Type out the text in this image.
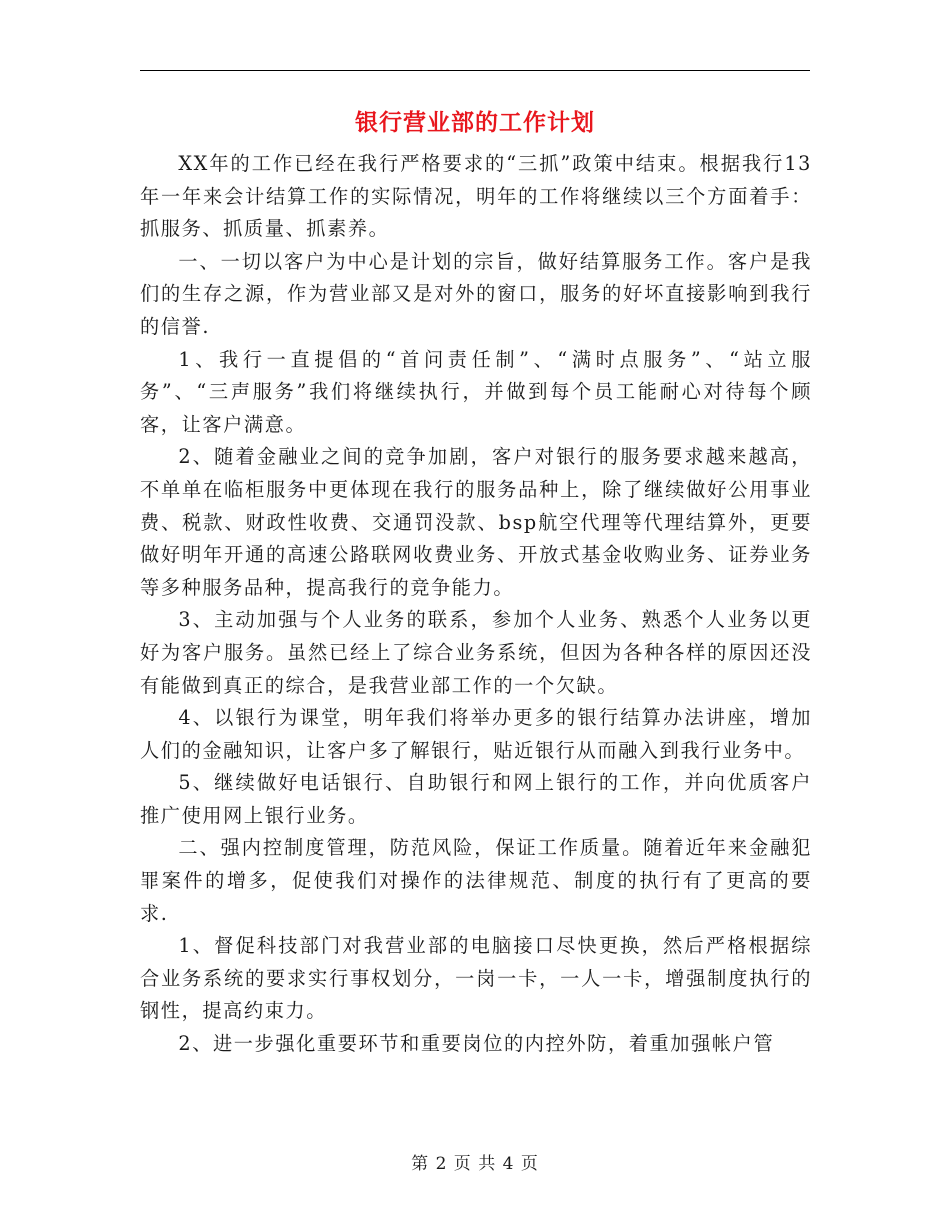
银行营业部的工作计划

XX年的工作已经在我行严格要求的“三抓”政策中结束。根据我行13年一年来会计结算工作的实际情况，明年的工作将继续以三个方面着手：抓服务、抓质量、抓素养。

一、一切以客户为中心是计划的宗旨，做好结算服务工作。客户是我们的生存之源，作为营业部又是对外的窗口，服务的好坏直接影响到我行的信誉.

1、我行一直提倡的“首问责任制”、“满时点服务”、“站立服务”、“三声服务”我们将继续执行，并做到每个员工能耐心对待每个顾客，让客户满意。

2、随着金融业之间的竞争加剧，客户对银行的服务要求越来越高，不单单在临柜服务中更体现在我行的服务品种上，除了继续做好公用事业费、税款、财政性收费、交通罚没款、bsp航空代理等代理结算外，更要做好明年开通的高速公路联网收费业务、开放式基金收购业务、证券业务等多种服务品种，提高我行的竞争能力。

3、主动加强与个人业务的联系，参加个人业务、熟悉个人业务以更好为客户服务。虽然已经上了综合业务系统，但因为各种各样的原因还没有能做到真正的综合，是我营业部工作的一个欠缺。

4、以银行为课堂，明年我们将举办更多的银行结算办法讲座，增加人们的金融知识，让客户多了解银行，贴近银行从而融入到我行业务中。

5、继续做好电话银行、自助银行和网上银行的工作，并向优质客户推广使用网上银行业务。

二、强内控制度管理，防范风险，保证工作质量。随着近年来金融犯罪案件的增多，促使我们对操作的法律规范、制度的执行有了更高的要求.

1、督促科技部门对我营业部的电脑接口尽快更换，然后严格根据综合业务系统的要求实行事权划分，一岗一卡，一人一卡，增强制度执行的钢性，提高约束力。

2、进一步强化重要环节和重要岗位的内控外防，着重加强帐户管

第 2 页 共 4 页
